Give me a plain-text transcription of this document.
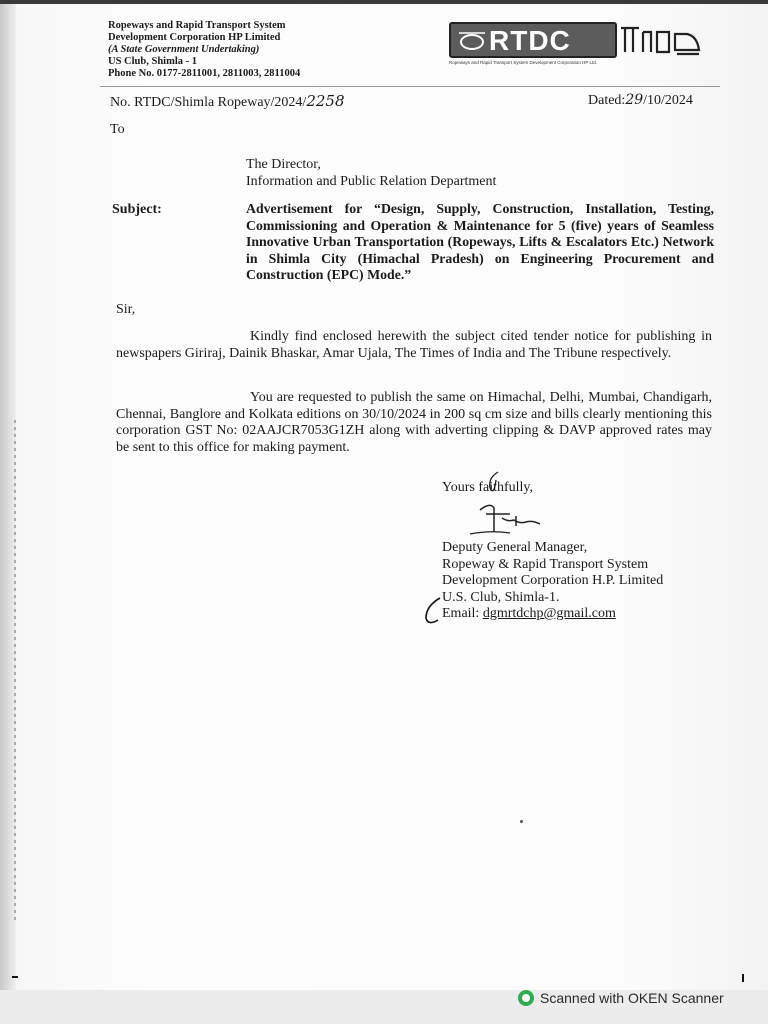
Ropeways and Rapid Transport System
Development Corporation HP Limited
(A State Government Undertaking)
US Club, Shimla - 1
Phone No. 0177-2811001, 2811003, 2811004
RTDC
Ropeways and Rapid Transport System Development Corporation HP Ltd.
No. RTDC/Shimla Ropeway/2024/2258	Dated:29/10/2024
To
The Director,
Information and Public Relation Department
Subject:	Advertisement for “Design, Supply, Construction, Installation, Testing, Commissioning and Operation & Maintenance for 5 (five) years of Seamless Innovative Urban Transportation (Ropeways, Lifts & Escalators Etc.) Network in Shimla City (Himachal Pradesh) on Engineering Procurement and Construction (EPC) Mode.”
Sir,
Kindly find enclosed herewith the subject cited tender notice for publishing in newspapers Giriraj, Dainik Bhaskar, Amar Ujala, The Times of India and The Tribune respectively.
You are requested to publish the same on Himachal, Delhi, Mumbai, Chandigarh, Chennai, Banglore and Kolkata editions on 30/10/2024 in 200 sq cm size and bills clearly mentioning this corporation GST No: 02AAJCR7053G1ZH along with adverting clipping & DAVP approved rates may be sent to this office for making payment.
Yours faithfully,
Deputy General Manager,
Ropeway & Rapid Transport System
Development Corporation H.P. Limited
U.S. Club, Shimla-1.
Email: dgmrtdchp@gmail.com
Scanned with OKEN Scanner
